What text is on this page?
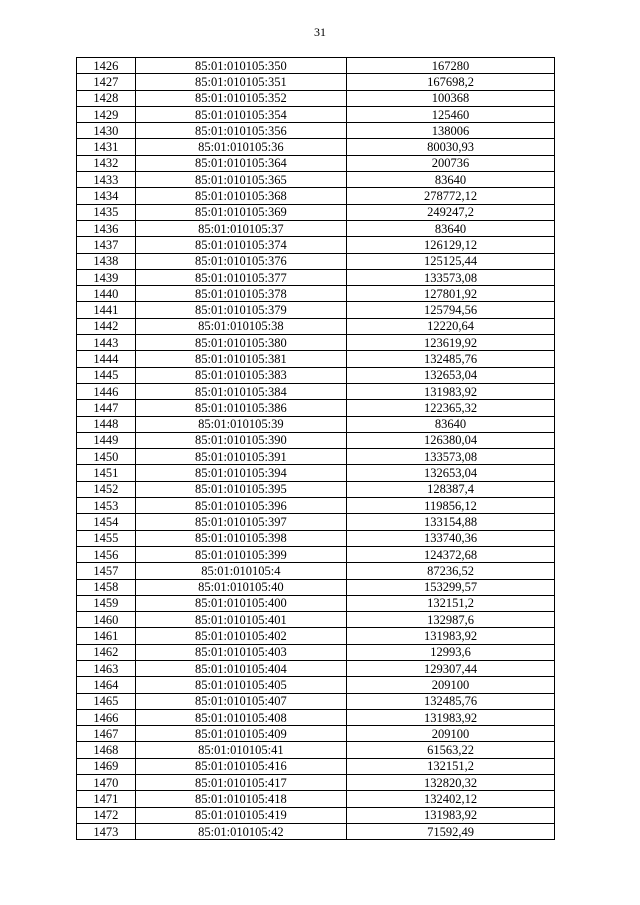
31
1426	85:01:010105:350	167280
1427	85:01:010105:351	167698,2
1428	85:01:010105:352	100368
1429	85:01:010105:354	125460
1430	85:01:010105:356	138006
1431	85:01:010105:36	80030,93
1432	85:01:010105:364	200736
1433	85:01:010105:365	83640
1434	85:01:010105:368	278772,12
1435	85:01:010105:369	249247,2
1436	85:01:010105:37	83640
1437	85:01:010105:374	126129,12
1438	85:01:010105:376	125125,44
1439	85:01:010105:377	133573,08
1440	85:01:010105:378	127801,92
1441	85:01:010105:379	125794,56
1442	85:01:010105:38	12220,64
1443	85:01:010105:380	123619,92
1444	85:01:010105:381	132485,76
1445	85:01:010105:383	132653,04
1446	85:01:010105:384	131983,92
1447	85:01:010105:386	122365,32
1448	85:01:010105:39	83640
1449	85:01:010105:390	126380,04
1450	85:01:010105:391	133573,08
1451	85:01:010105:394	132653,04
1452	85:01:010105:395	128387,4
1453	85:01:010105:396	119856,12
1454	85:01:010105:397	133154,88
1455	85:01:010105:398	133740,36
1456	85:01:010105:399	124372,68
1457	85:01:010105:4	87236,52
1458	85:01:010105:40	153299,57
1459	85:01:010105:400	132151,2
1460	85:01:010105:401	132987,6
1461	85:01:010105:402	131983,92
1462	85:01:010105:403	12993,6
1463	85:01:010105:404	129307,44
1464	85:01:010105:405	209100
1465	85:01:010105:407	132485,76
1466	85:01:010105:408	131983,92
1467	85:01:010105:409	209100
1468	85:01:010105:41	61563,22
1469	85:01:010105:416	132151,2
1470	85:01:010105:417	132820,32
1471	85:01:010105:418	132402,12
1472	85:01:010105:419	131983,92
1473	85:01:010105:42	71592,49
